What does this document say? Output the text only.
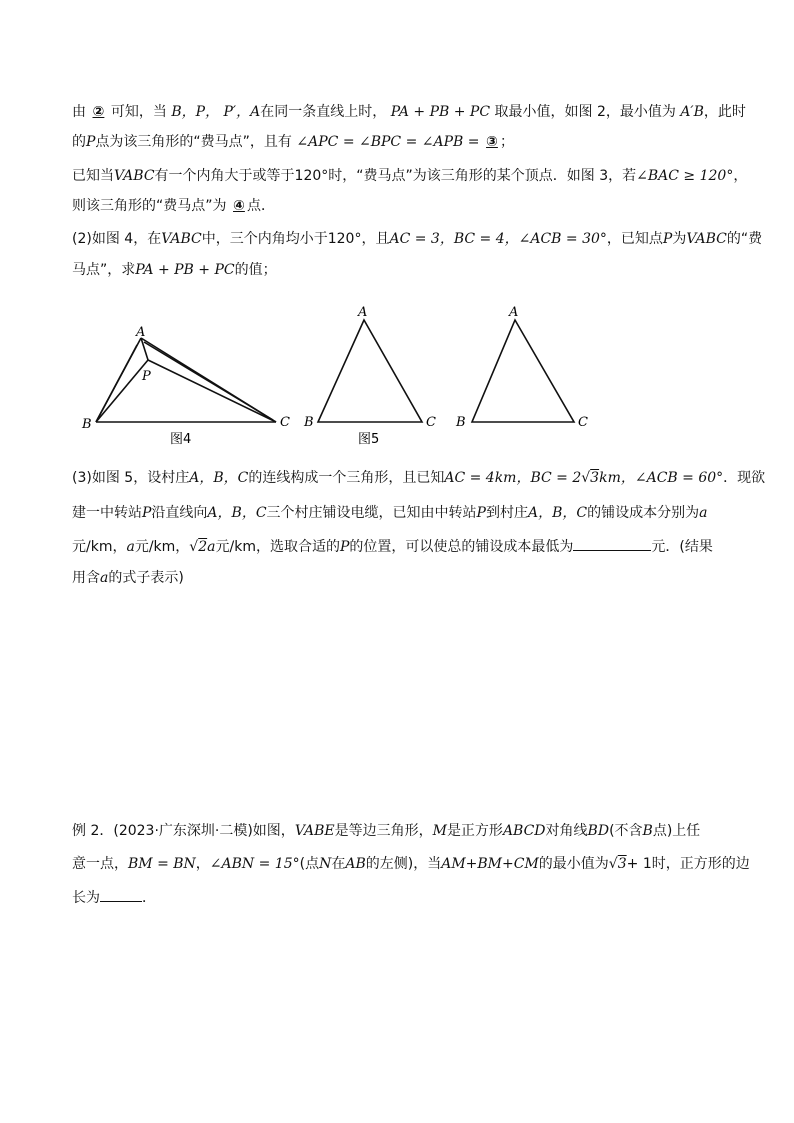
由 ② 可知，当 B，P， P′，A在同一条直线上时， PA + PB + PC 取最小值，如图 2，最小值为 A′B，此时
的P点为该三角形的“费马点”，且有 ∠APC = ∠BPC = ∠APB = ③ ；
已知当VABC有一个内角大于或等于120°时，“费马点”为该三角形的某个顶点．如图 3，若∠BAC ≥ 120°，
则该三角形的“费马点”为 ④ 点．
(2)如图 4，在VABC中，三个内角均小于120°，且AC = 3，BC = 4，∠ACB = 30°，已知点P为VABC的“费
马点”，求PA + PB + PC的值；
A
P
B	C
图4
A
B	C
图5
A
B	C
(3)如图 5，设村庄A，B，C的连线构成一个三角形，且已知AC = 4km，BC = 2√3km，∠ACB = 60°．现欲
建一中转站P沿直线向A，B，C三个村庄铺设电缆，已知由中转站P到村庄A，B，C的铺设成本分别为a
元/km，a元/km，√2a元/km，选取合适的P的位置，可以使总的铺设成本最低为	元．(结果
用含a的式子表示)
例 2．(2023·广东深圳·二模)如图，VABE是等边三角形，M是正方形ABCD对角线BD(不含B点)上任
意一点，BM = BN，∠ABN = 15°(点N在AB的左侧)，当AM+BM+CM的最小值为√3+ 1时，正方形的边
长为	．
